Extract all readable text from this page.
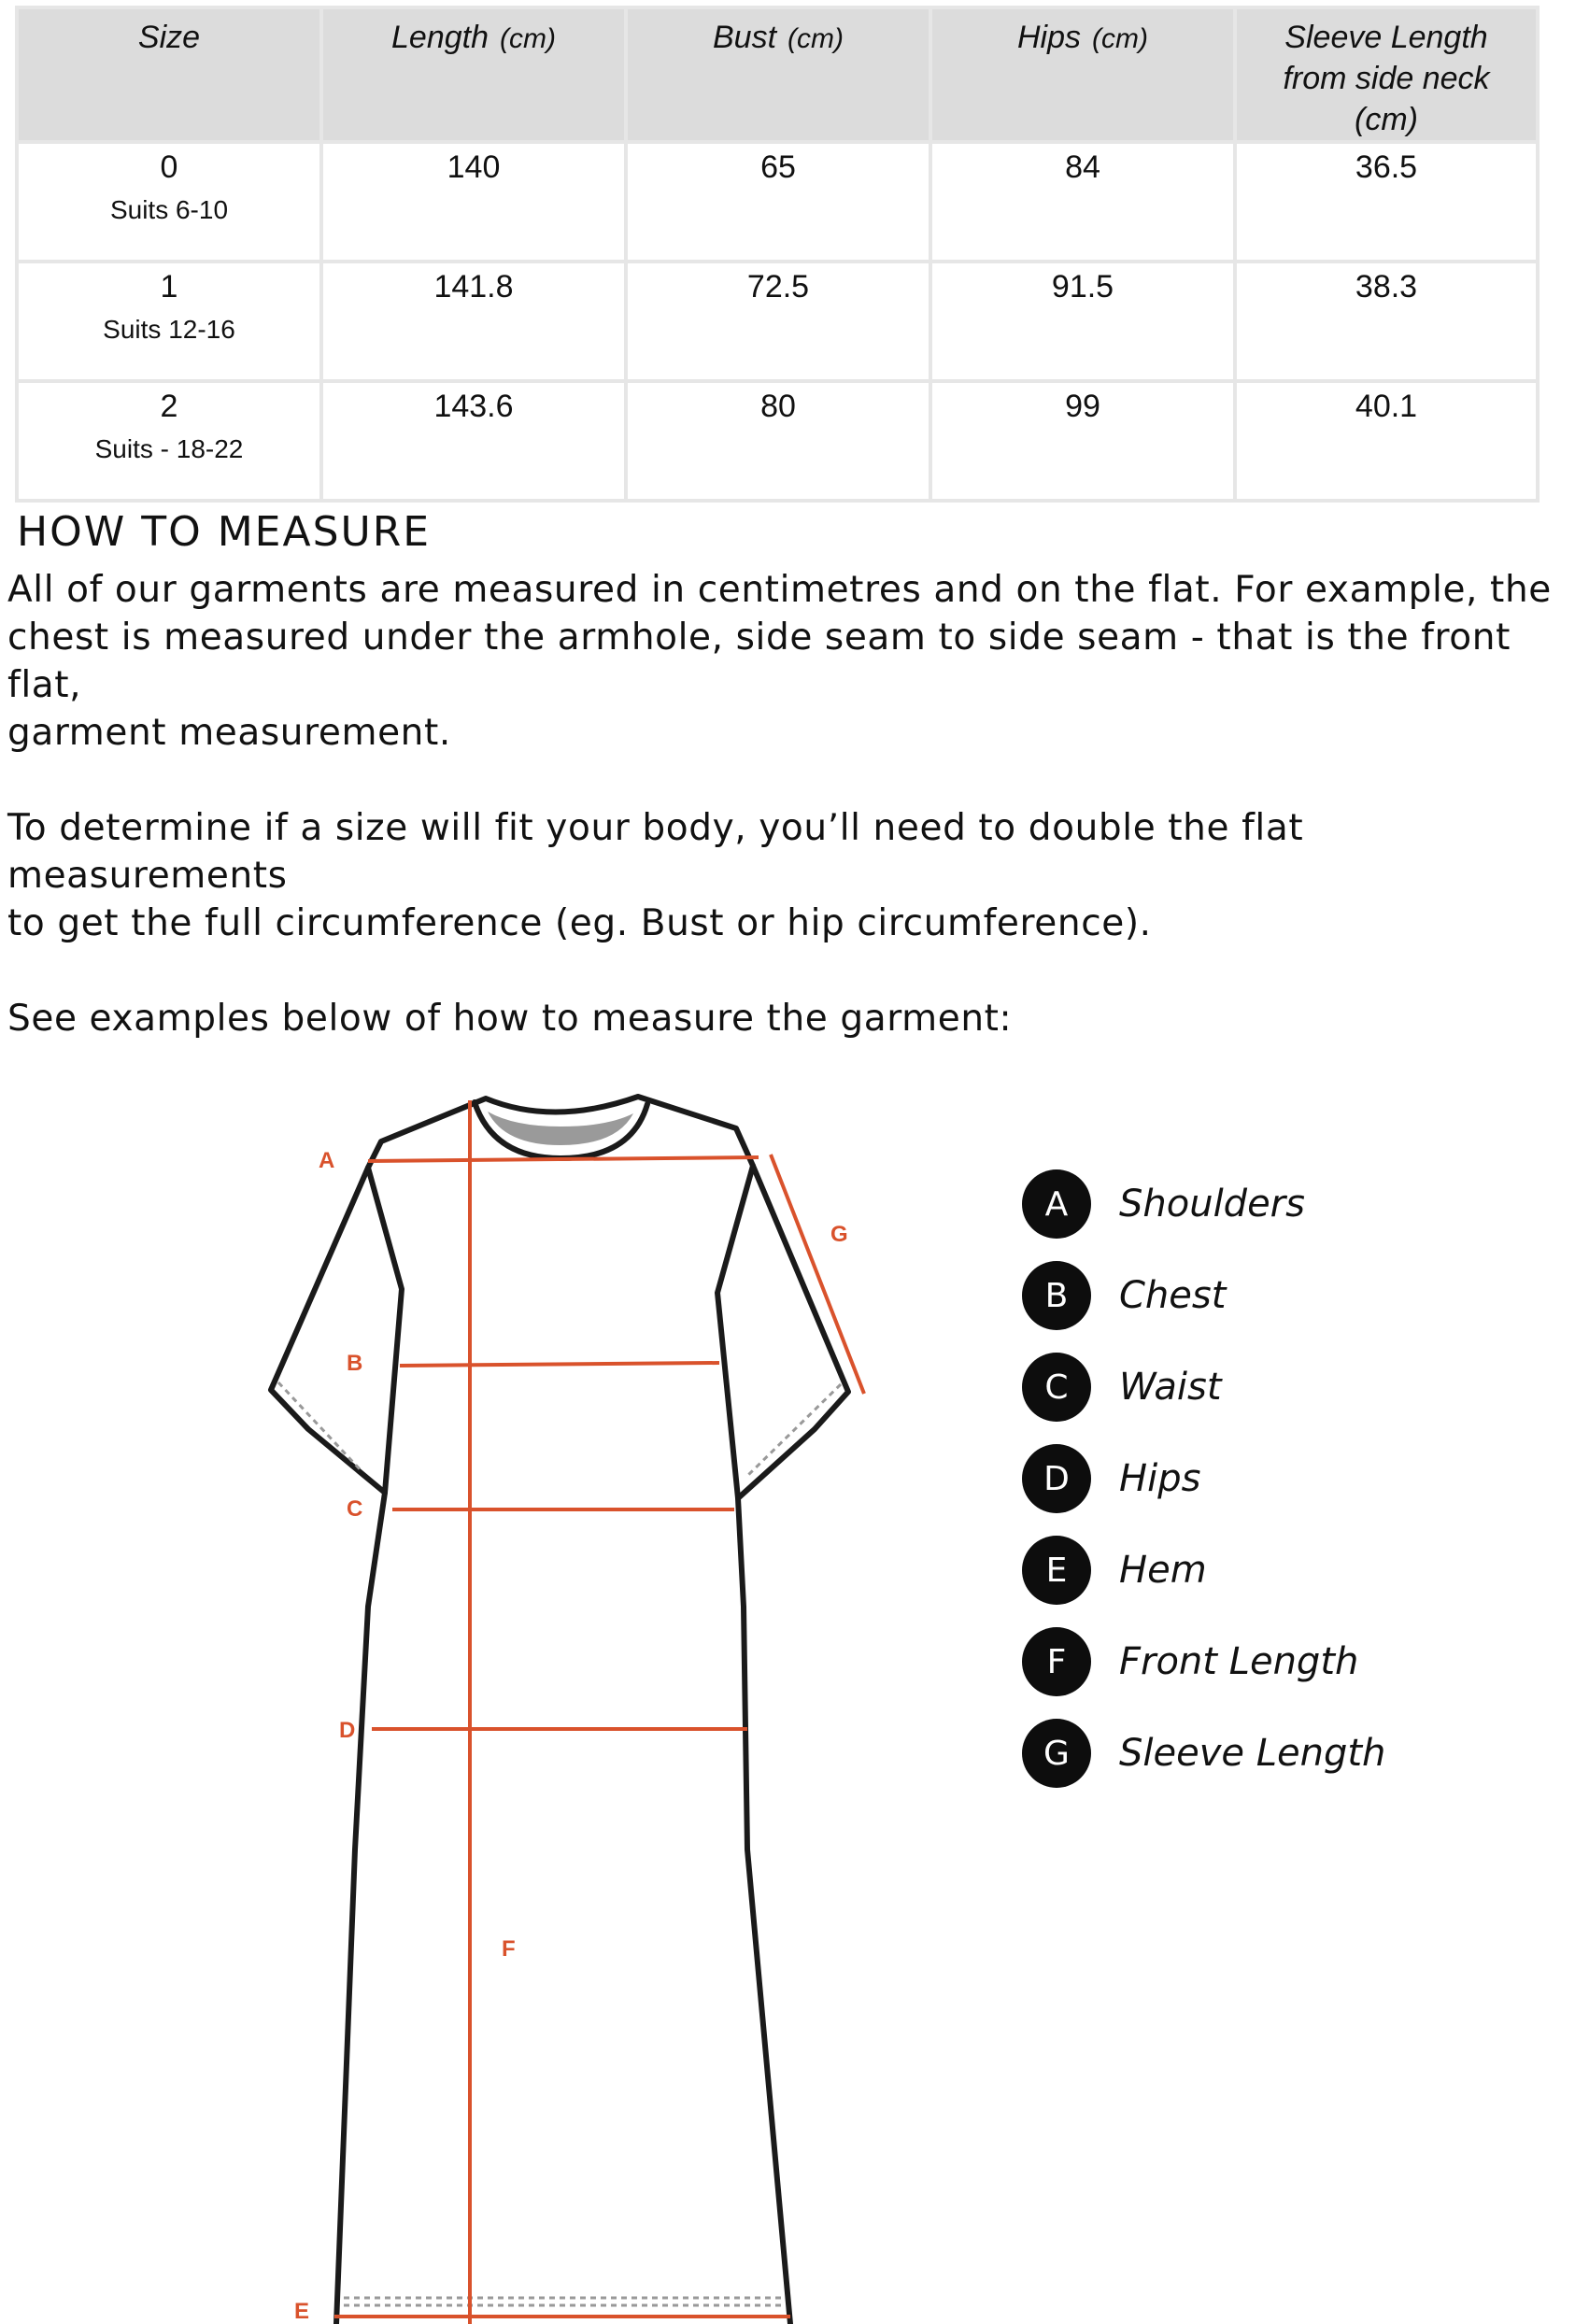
Size	Length (cm)	Bust (cm)	Hips (cm)	Sleeve Length
from side neck
(cm)

0
Suits 6-10	140	65	84	36.5
1
Suits 12-16	141.8	72.5	91.5	38.3
2
Suits - 18-22	143.6	80	99	40.1
HOW TO MEASURE

All of our garments are measured in centimetres and on the flat. For example, the
chest is measured under the armhole, side seam to side seam - that is the front flat,
garment measurement.

To determine if a size will fit your body, you’ll need to double the flat measurements
to get the full circumference (eg. Bust or hip circumference).

See examples below of how to measure the garment:

A
G
B
C
D
F
E
A	Shoulders
B	Chest
C	Waist
D	Hips
E	Hem
F	Front Length
G	Sleeve Length
